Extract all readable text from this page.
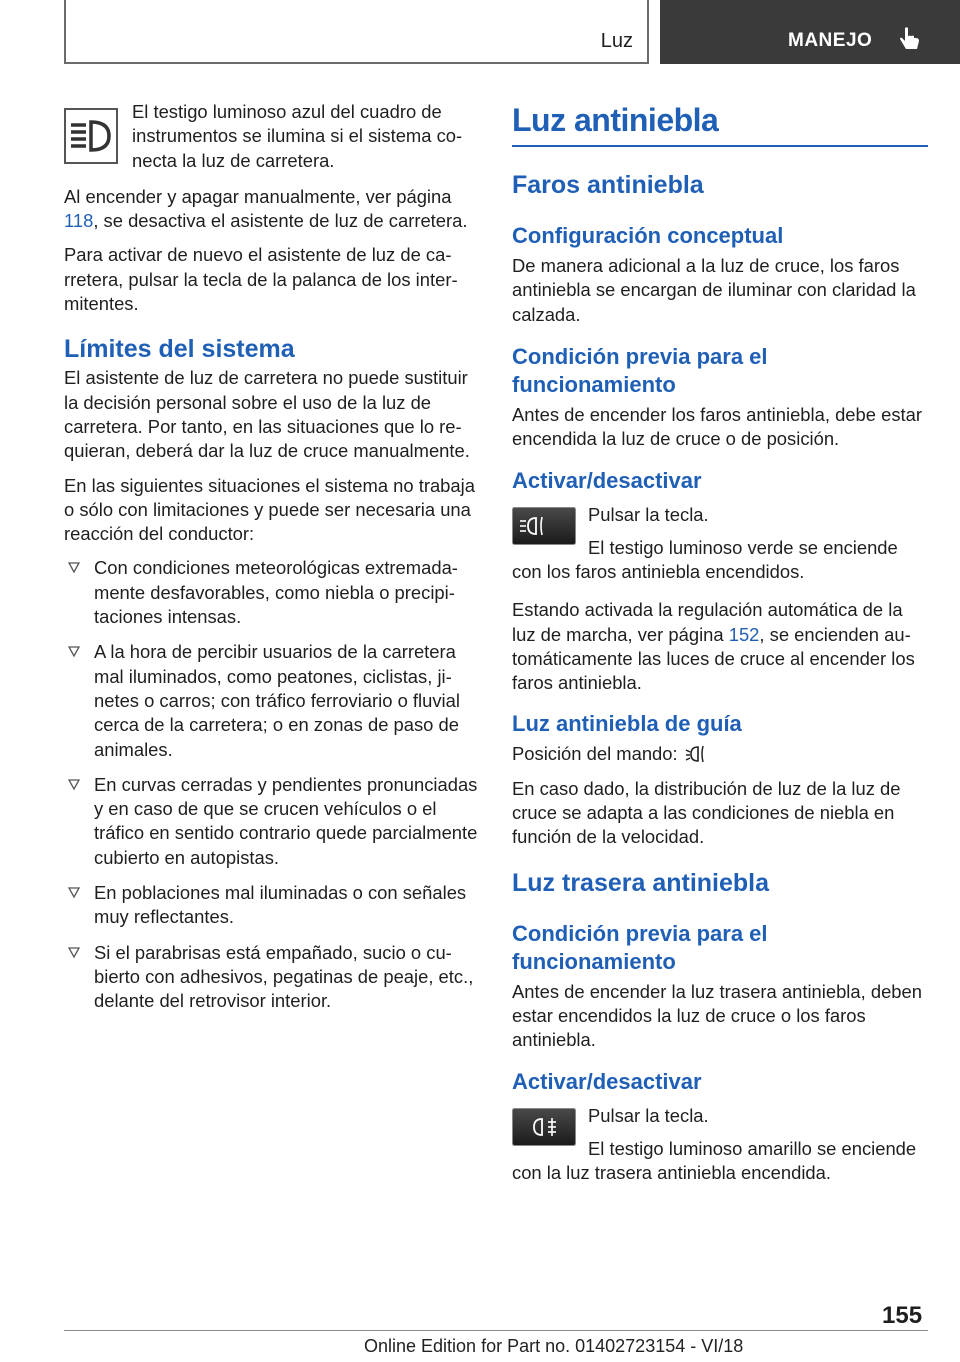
Luz	MANEJO
El testigo luminoso azul del cuadro de instrumentos se ilumina si el sistema conecta la luz de carretera.

Al encender y apagar manualmente, ver página 118, se desactiva el asistente de luz de carretera.

Para activar de nuevo el asistente de luz de carretera, pulsar la tecla de la palanca de los intermitentes.

Límites del sistema

El asistente de luz de carretera no puede sustituir la decisión personal sobre el uso de la luz de carretera. Por tanto, en las situaciones que lo requieran, deberá dar la luz de cruce manualmente.

En las siguientes situaciones el sistema no trabaja o sólo con limitaciones y puede ser necesaria una reacción del conductor:

Con condiciones meteorológicas extremadamente desfavorables, como niebla o precipitaciones intensas.
A la hora de percibir usuarios de la carretera mal iluminados, como peatones, ciclistas, jinetes o carros; con tráfico ferroviario o fluvial cerca de la carretera; o en zonas de paso de animales.
En curvas cerradas y pendientes pronunciadas y en caso de que se crucen vehículos o el tráfico en sentido contrario quede parcialmente cubierto en autopistas.
En poblaciones mal iluminadas o con señales muy reflectantes.
Si el parabrisas está empañado, sucio o cubierto con adhesivos, pegatinas de peaje, etc., delante del retrovisor interior.
Luz antiniebla
Faros antiniebla
Configuración conceptual

De manera adicional a la luz de cruce, los faros antiniebla se encargan de iluminar con claridad la calzada.

Condición previa para el funcionamiento

Antes de encender los faros antiniebla, debe estar encendida la luz de cruce o de posición.

Activar/desactivar
Pulsar la tecla.
El testigo luminoso verde se enciende
con los faros antiniebla encendidos.

Estando activada la regulación automática de la luz de marcha, ver página 152, se encienden automáticamente las luces de cruce al encender los faros antiniebla.

Luz antiniebla de guía

Posición del mando:

En caso dado, la distribución de luz de la luz de cruce se adapta a las condiciones de niebla en función de la velocidad.

Luz trasera antiniebla
Condición previa para el funcionamiento

Antes de encender la luz trasera antiniebla, deben estar encendidos la luz de cruce o los faros antiniebla.

Activar/desactivar
Pulsar la tecla.
El testigo luminoso amarillo se enciende
con la luz trasera antiniebla encendida.
155
Online Edition for Part no. 01402723154 - VI/18
